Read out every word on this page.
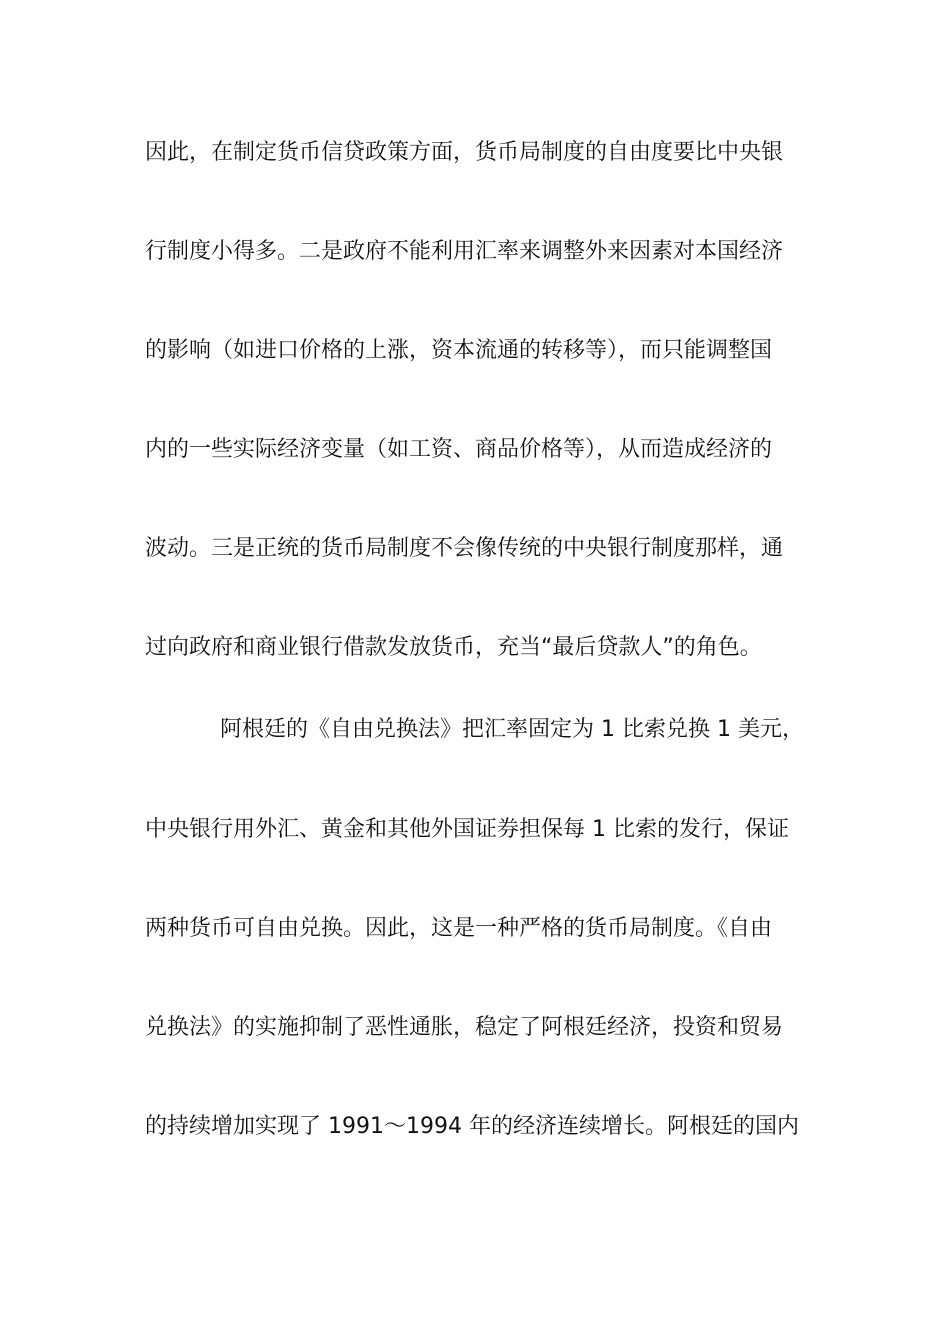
因此，在制定货币信贷政策方面，货币局制度的自由度要比中央银
行制度小得多。二是政府不能利用汇率来调整外来因素对本国经济
的影响（如进口价格的上涨，资本流通的转移等），而只能调整国
内的一些实际经济变量（如工资、商品价格等），从而造成经济的
波动。三是正统的货币局制度不会像传统的中央银行制度那样，通
过向政府和商业银行借款发放货币，充当“最后贷款人”的角色。
阿根廷的《自由兑换法》把汇率固定为 1 比索兑换 1 美元，
中央银行用外汇、黄金和其他外国证券担保每 1 比索的发行，保证
两种货币可自由兑换。因此，这是一种严格的货币局制度。《自由
兑换法》的实施抑制了恶性通胀，稳定了阿根廷经济，投资和贸易
的持续增加实现了 1991～1994 年的经济连续增长。阿根廷的国内
